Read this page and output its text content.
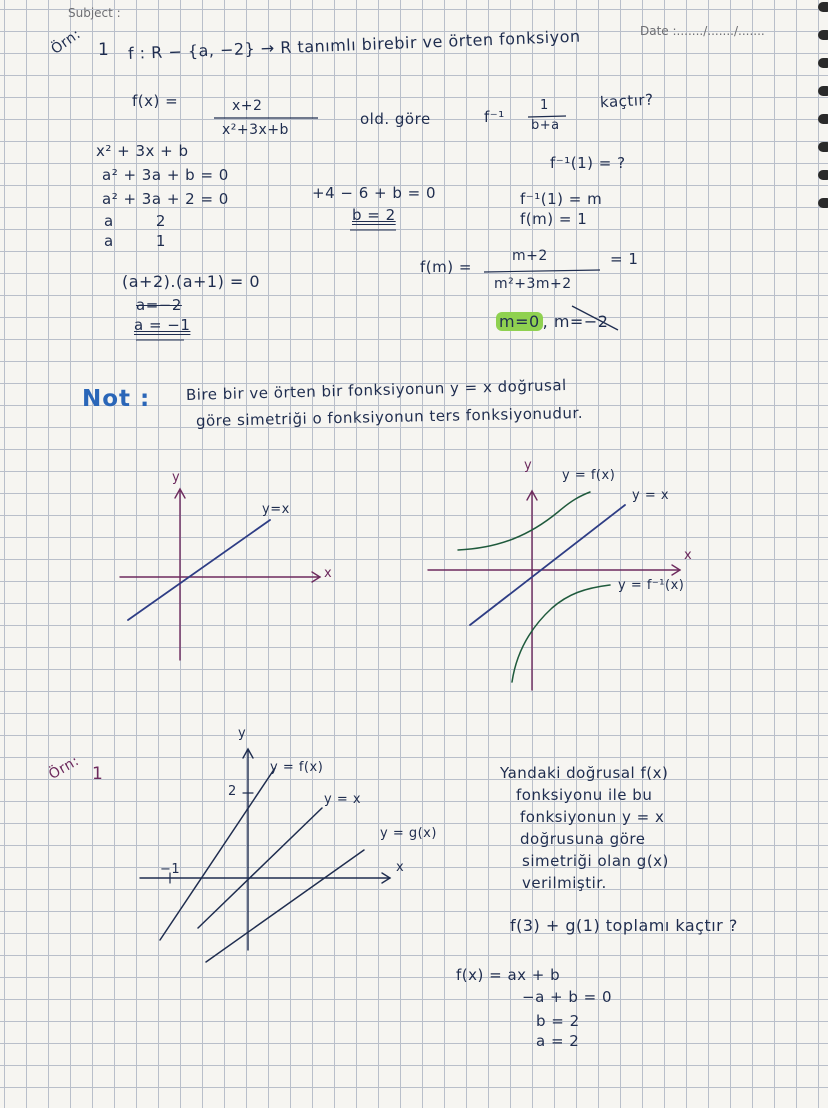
Subject :
Date :......./......./.......
Örn: 1 f : R − {a, −2} → R tanımlı birebir ve örten fonksiyon
f(x) =	x+2
x²+3x+b
old. göre	f⁻¹
1
b+a
kaçtır?
x² + 3x + b
a² + 3a + b = 0
a² + 3a + 2 = 0
a        2
a        1
(a+2).(a+1) = 0
a=−2
a = −1
+4 − 6 + b = 0
b = 2
f⁻¹(1) = ?
f⁻¹(1) = m
f(m) = 1
f(m) =
m+2
m²+3m+2
= 1
m=0 , m=−2
Not : Bire bir ve örten bir fonksiyonun y = x doğrusal
göre simetriği o fonksiyonun ters fonksiyonudur.
y
x
y=x
y
x
y = f(x)
y = x
y = f⁻¹(x)
Örn: 1
y
x
y = f(x)
y = x
y = g(x)
2
−1
Yandaki doğrusal f(x)
fonksiyonu ile bu
fonksiyonun y = x
doğrusuna göre
simetriği olan g(x)
verilmiştir.
f(3) + g(1) toplamı kaçtır ?
f(x) = ax + b
−a + b = 0
b = 2
a = 2
